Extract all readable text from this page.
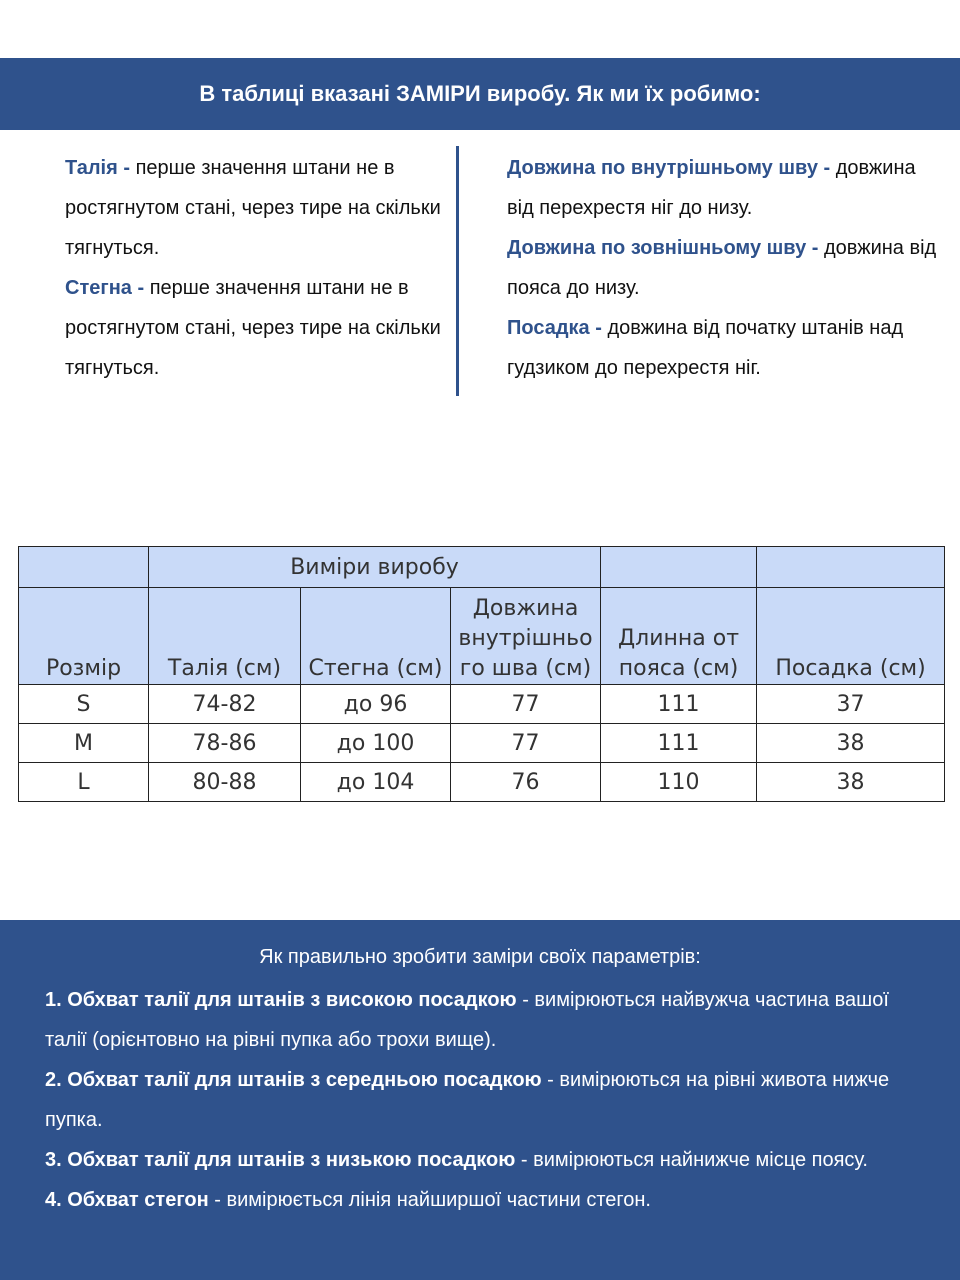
В таблиці вказані ЗАМІРИ виробу. Як ми їх робимо:

Талія - перше значення штани не в ростягнутом стані, через тире на скільки тягнуться.

Стегна - перше значення штани не в ростягнутом стані, через тире на скільки тягнуться.

Довжина по внутрішньому шву - довжина від перехрестя ніг до низу.

Довжина по зовнішньому шву - довжина від пояса до низу.

Посадка - довжина від початку штанів над гудзиком до перехрестя ніг.

	Виміри виробу				
Розмір	Талія (см)	Стегна (см)	Довжина внутрішньо го шва (см)	Длинна от пояса (см)	Посадка (см)
S	74-82	до 96	77	111	37
M	78-86	до 100	77	111	38
L	80-88	до 104	76	110	38
Як правильно зробити заміри своїх параметрів:

1. Обхват талії для штанів з високою посадкою - вимірюються найвужча частина вашої талії (орієнтовно на рівні пупка або трохи вище).

2. Обхват талії для штанів з середньою посадкою - вимірюються на рівні живота нижче пупка.

3. Обхват талії для штанів з низькою посадкою - вимірюються найнижче місце поясу.

4. Обхват стегон - вимірюється лінія найширшої частини стегон.
